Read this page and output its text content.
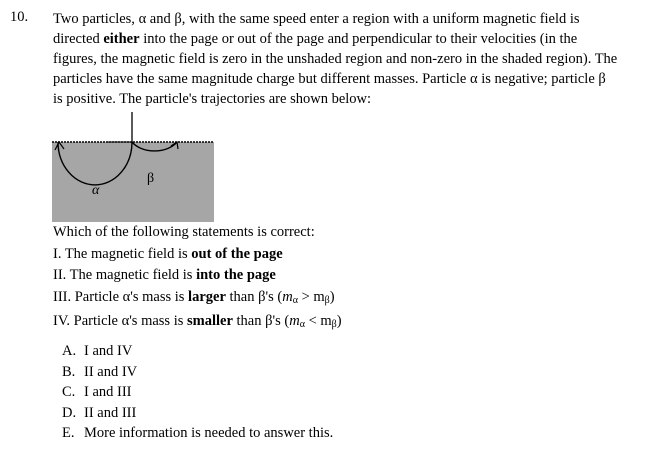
10. Two particles, α and β, with the same speed enter a region with a uniform magnetic field is
directed either into the page or out of the page and perpendicular to their velocities (in the
figures, the magnetic field is zero in the unshaded region and non-zero in the shaded region). The
particles have the same magnitude charge but different masses. Particle α is negative; particle β
is positive. The particle's trajectories are shown below:
α
β
Which of the following statements is correct:
I. The magnetic field is out of the page
II. The magnetic field is into the page
III. Particle α's mass is larger than β's $(m_\alpha > m_\beta)$
IV. Particle α's mass is smaller than β's $(m_\alpha < m_\beta)$
A. I and IV
B. II and IV
C. I and III
D. II and III
E. More information is needed to answer this.
